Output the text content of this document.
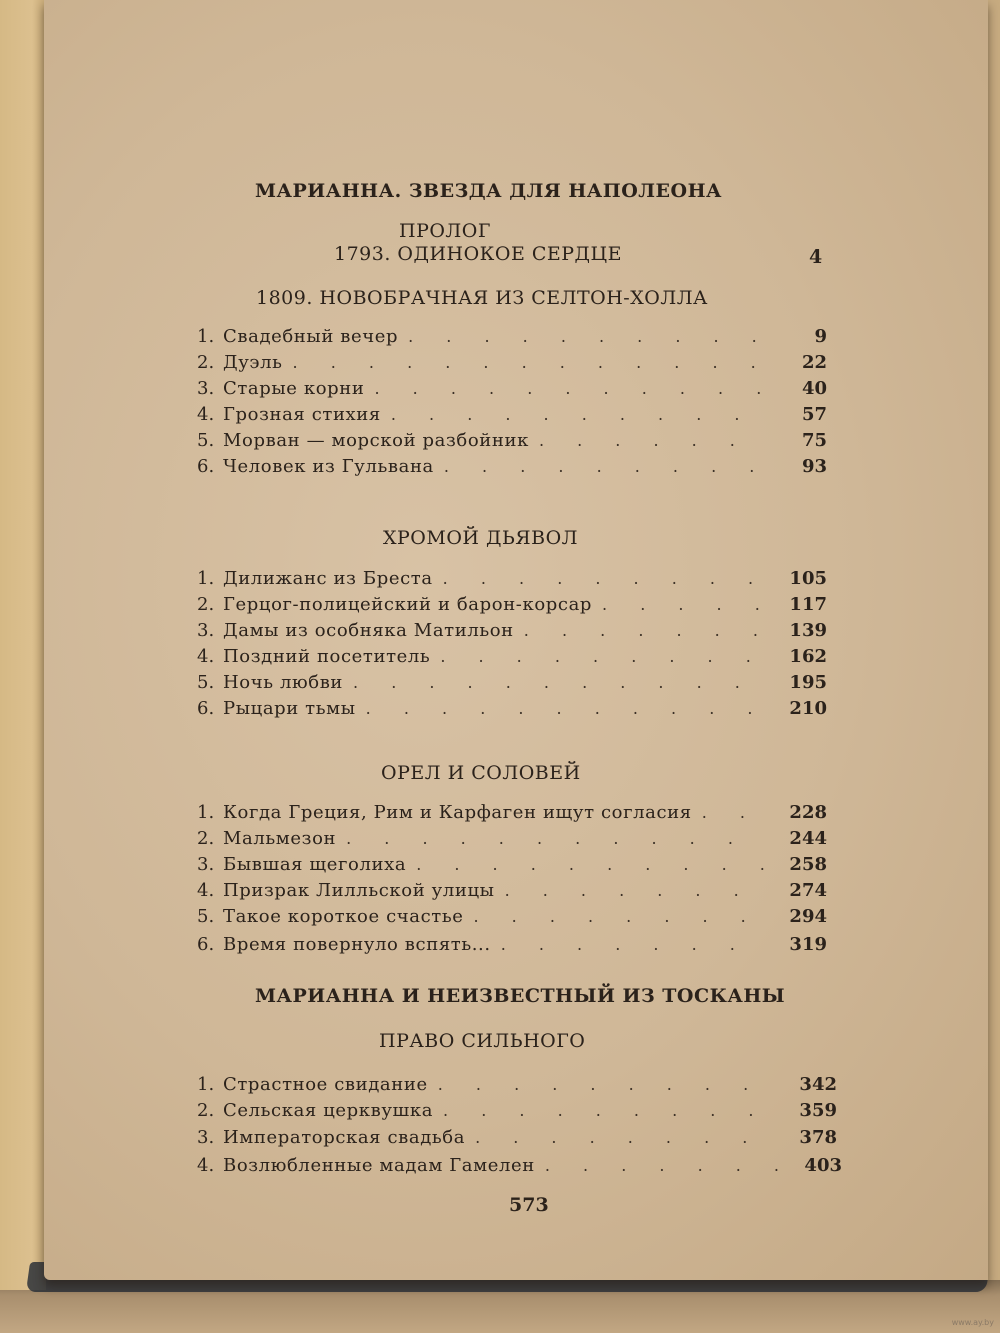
МАРИАННА. ЗВЕЗДА ДЛЯ НАПОЛЕОНА
ПРОЛОГ
1793. ОДИНОКОЕ СЕРДЦЕ	4
1809. НОВОБРАЧНАЯ ИЗ СЕЛТОН-ХОЛЛА
1. Свадебный вечер . . .	9
2. Дуэль . . .	22
3. Старые корни . . .	40
4. Грозная стихия . . .	57
5. Морван — морской разбойник . . .	75
6. Человек из Гульвана . . .	93
ХРОМОЙ ДЬЯВОЛ
1. Дилижанс из Бреста . . .	105
2. Герцог-полицейский и барон-корсар . . .	117
3. Дамы из особняка Матильон . . .	139
4. Поздний посетитель . . .	162
5. Ночь любви . . .	195
6. Рыцари тьмы . . .	210
ОРЕЛ И СОЛОВЕЙ
1. Когда Греция, Рим и Карфаген ищут согласия . . .	228
2. Мальмезон . . .	244
3. Бывшая щеголиха . . .	258
4. Призрак Лилльской улицы . . .	274
5. Такое короткое счастье . . .	294
6. Время повернуло вспять... . . .	319
МАРИАННА И НЕИЗВЕСТНЫЙ ИЗ ТОСКАНЫ
ПРАВО СИЛЬНОГО
1. Страстное свидание . . .	342
2. Сельская церквушка . . .	359
3. Императорская свадьба . . .	378
4. Возлюбленные мадам Гамелен . . .	403
573
www.ay.by
